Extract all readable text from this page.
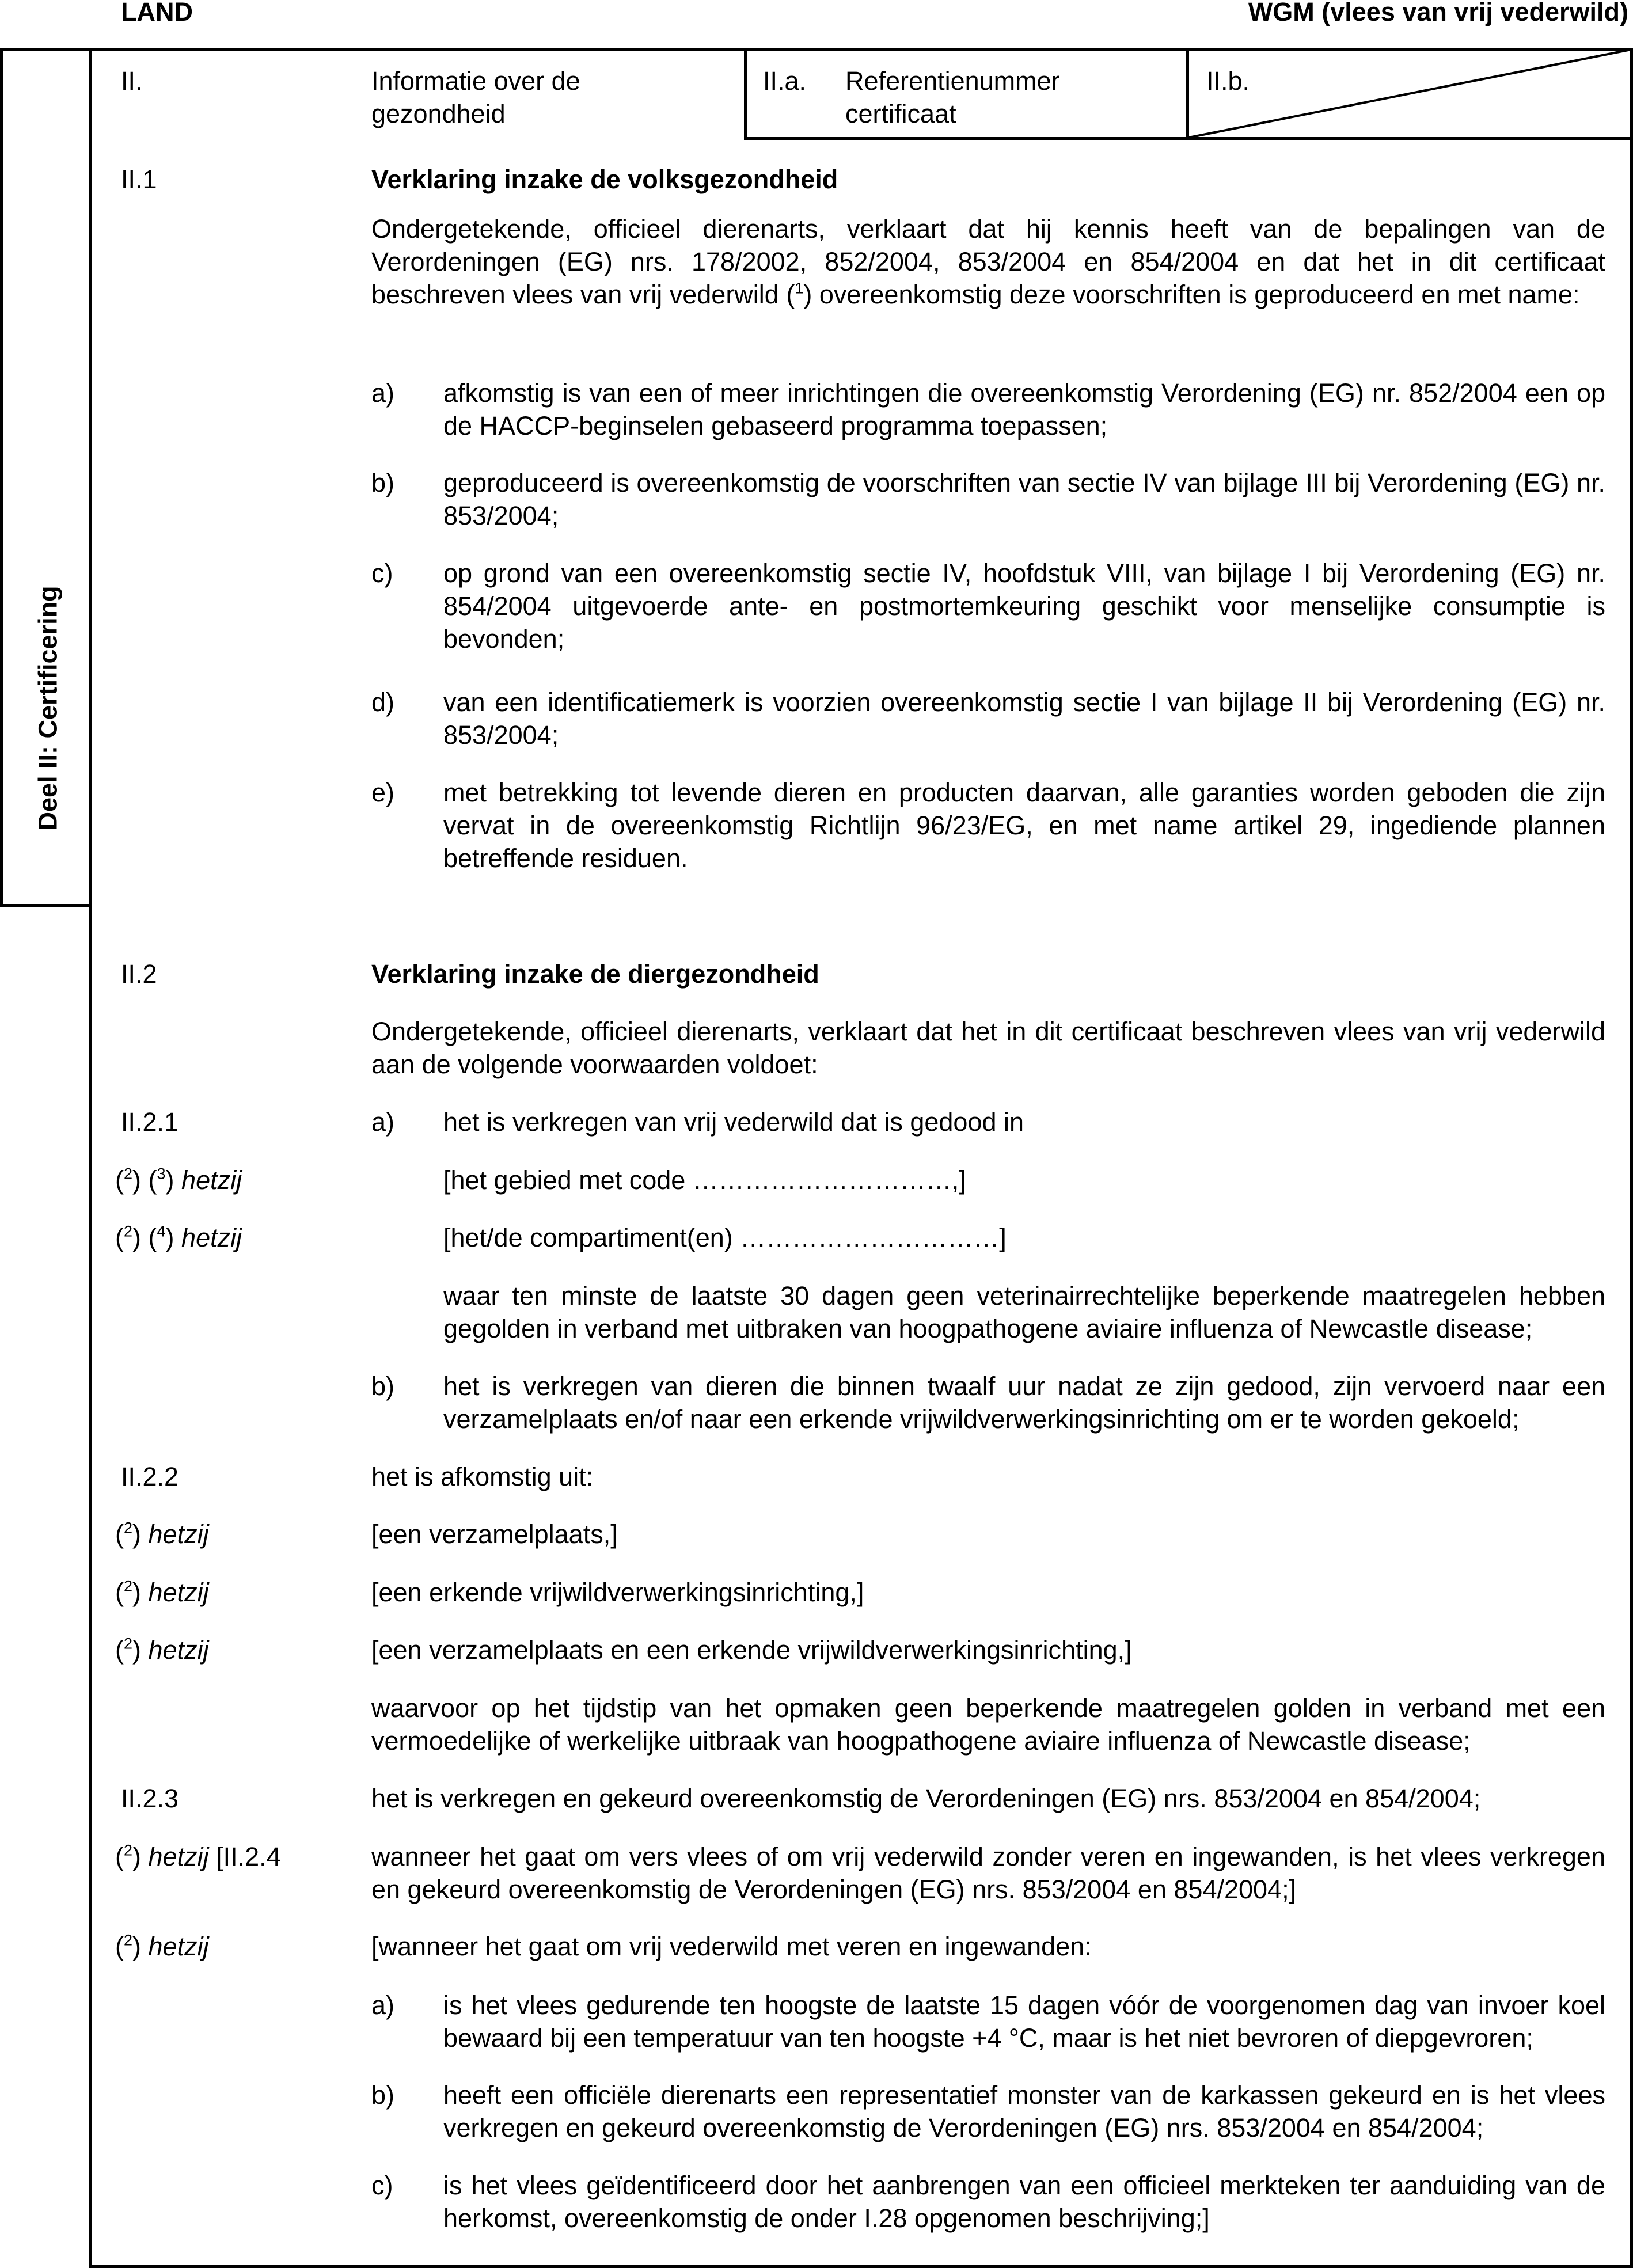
LAND	WGM (vlees van vrij vederwild)
Deel II: Certificering
II.	Informatie over de gezondheid
II.a. Referentienummer certificaat
II.b.
II.1	Verklaring inzake de volksgezondheid
Ondergetekende, officieel dierenarts, verklaart dat hij kennis heeft van de bepalingen van de Verordeningen (EG) nrs. 178/2002, 852/2004, 853/2004 en 854/2004 en dat het in dit certificaat beschreven vlees van vrij vederwild ($^1$) overeenkomstig deze voorschriften is geproduceerd en met name:
a) afkomstig is van een of meer inrichtingen die overeenkomstig Verordening (EG) nr. 852/2004 een op de HACCP-beginselen gebaseerd programma toepassen;
b) geproduceerd is overeenkomstig de voorschriften van sectie IV van bijlage III bij Verordening (EG) nr. 853/2004;
c) op grond van een overeenkomstig sectie IV, hoofdstuk VIII, van bijlage I bij Verordening (EG) nr. 854/2004 uitgevoerde ante- en postmortemkeuring geschikt voor menselijke consumptie is bevonden;
d) van een identificatiemerk is voorzien overeenkomstig sectie I van bijlage II bij Verordening (EG) nr. 853/2004;
e) met betrekking tot levende dieren en producten daarvan, alle garanties worden geboden die zijn vervat in de overeenkomstig Richtlijn 96/23/EG, en met name artikel 29, ingediende plannen betreffende residuen.
II.2	Verklaring inzake de diergezondheid
Ondergetekende, officieel dierenarts, verklaart dat het in dit certificaat beschreven vlees van vrij vederwild aan de volgende voorwaarden voldoet:
II.2.1	a) het is verkregen van vrij vederwild dat is gedood in
($^2$) ($^3$) hetzij	[het gebied met code …………………………,]
($^2$) ($^4$) hetzij	[het/de compartiment(en) …………………………]
waar ten minste de laatste 30 dagen geen veterinairrechtelijke beperkende maatregelen hebben gegolden in verband met uitbraken van hoogpathogene aviaire influenza of Newcastle disease;
b) het is verkregen van dieren die binnen twaalf uur nadat ze zijn gedood, zijn vervoerd naar een verzamelplaats en/of naar een erkende vrijwildverwerkingsinrichting om er te worden gekoeld;
II.2.2	het is afkomstig uit:
($^2$) hetzij	[een verzamelplaats,]
($^2$) hetzij	[een erkende vrijwildverwerkingsinrichting,]
($^2$) hetzij	[een verzamelplaats en een erkende vrijwildverwerkingsinrichting,]
waarvoor op het tijdstip van het opmaken geen beperkende maatregelen golden in verband met een vermoedelijke of werkelijke uitbraak van hoogpathogene aviaire influenza of Newcastle disease;
II.2.3	het is verkregen en gekeurd overeenkomstig de Verordeningen (EG) nrs. 853/2004 en 854/2004;
($^2$) hetzij [II.2.4	wanneer het gaat om vers vlees of om vrij vederwild zonder veren en ingewanden, is het vlees verkregen en gekeurd overeenkomstig de Verordeningen (EG) nrs. 853/2004 en 854/2004;]
($^2$) hetzij	[wanneer het gaat om vrij vederwild met veren en ingewanden:
a) is het vlees gedurende ten hoogste de laatste 15 dagen vóór de voorgenomen dag van invoer koel bewaard bij een temperatuur van ten hoogste +4 °C, maar is het niet bevroren of diepgevroren;
b) heeft een officiële dierenarts een representatief monster van de karkassen gekeurd en is het vlees verkregen en gekeurd overeenkomstig de Verordeningen (EG) nrs. 853/2004 en 854/2004;
c) is het vlees geïdentificeerd door het aanbrengen van een officieel merkteken ter aanduiding van de herkomst, overeenkomstig de onder I.28 opgenomen beschrijving;]
